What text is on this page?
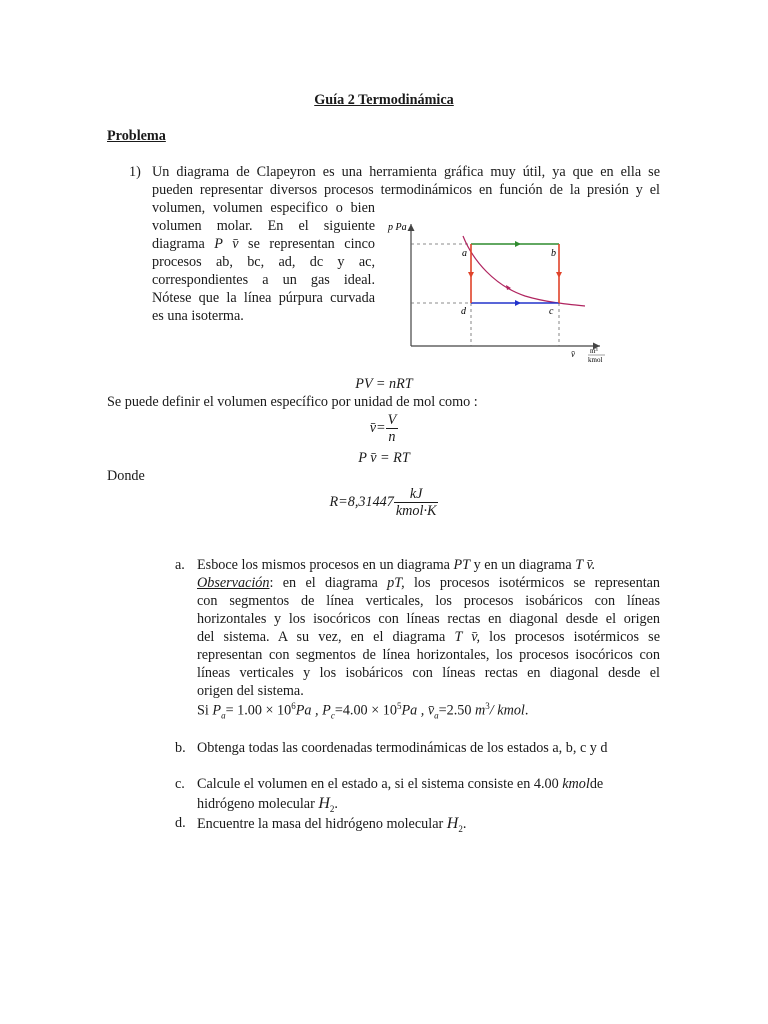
Guía 2 Termodinámica
Problema
1) Un diagrama de Clapeyron es una herramienta gráfica muy útil, ya que en ella se
pueden representar diversos procesos termodinámicos en función de la presión y el
volumen, volumen especifico o bien
volumen molar. En el siguiente
diagrama P v̄ se representan cinco
procesos ab, bc, ad, dc y ac,
correspondientes a un gas ideal.
Nótese que la línea púrpura curvada
es una isoterma.
p Pa
a	b
c
d
v̄ m³
kmol
PV = nRT
Se puede definir el volumen específico por unidad de mol como :
v̄= $\frac{V}{n}$
P v̄ = RT
Donde
$R=8,31447 \frac{kJ}{\text{kmol·K}}$
a. Esboce los mismos procesos en un diagrama PT y en un diagrama T v̄.
Observación: en el diagrama pT, los procesos isotérmicos se representan
con segmentos de línea verticales, los procesos isobáricos con líneas
horizontales y los isocóricos con líneas rectas en diagonal desde el origen
del sistema. A su vez, en el diagrama T v̄, los procesos isotérmicos se
representan con segmentos de línea horizontales, los procesos isocóricos con
líneas verticales y los isobáricos con líneas rectas en diagonal desde el
origen del sistema.
Si $P_a= 1.00 \times 10^6Pa$ , $P_c=4.00 \times 10^5Pa$ , $v̄_a=2.50$ $m^3/$ kmol.
b. Obtenga todas las coordenadas termodinámicas de los estados a, b, c y d
c. Calcule el volumen en el estado a, si el sistema consiste en 4.00 kmolde
hidrógeno molecular $H_2$.
d. Encuentre la masa del hidrógeno molecular $H_2$.
